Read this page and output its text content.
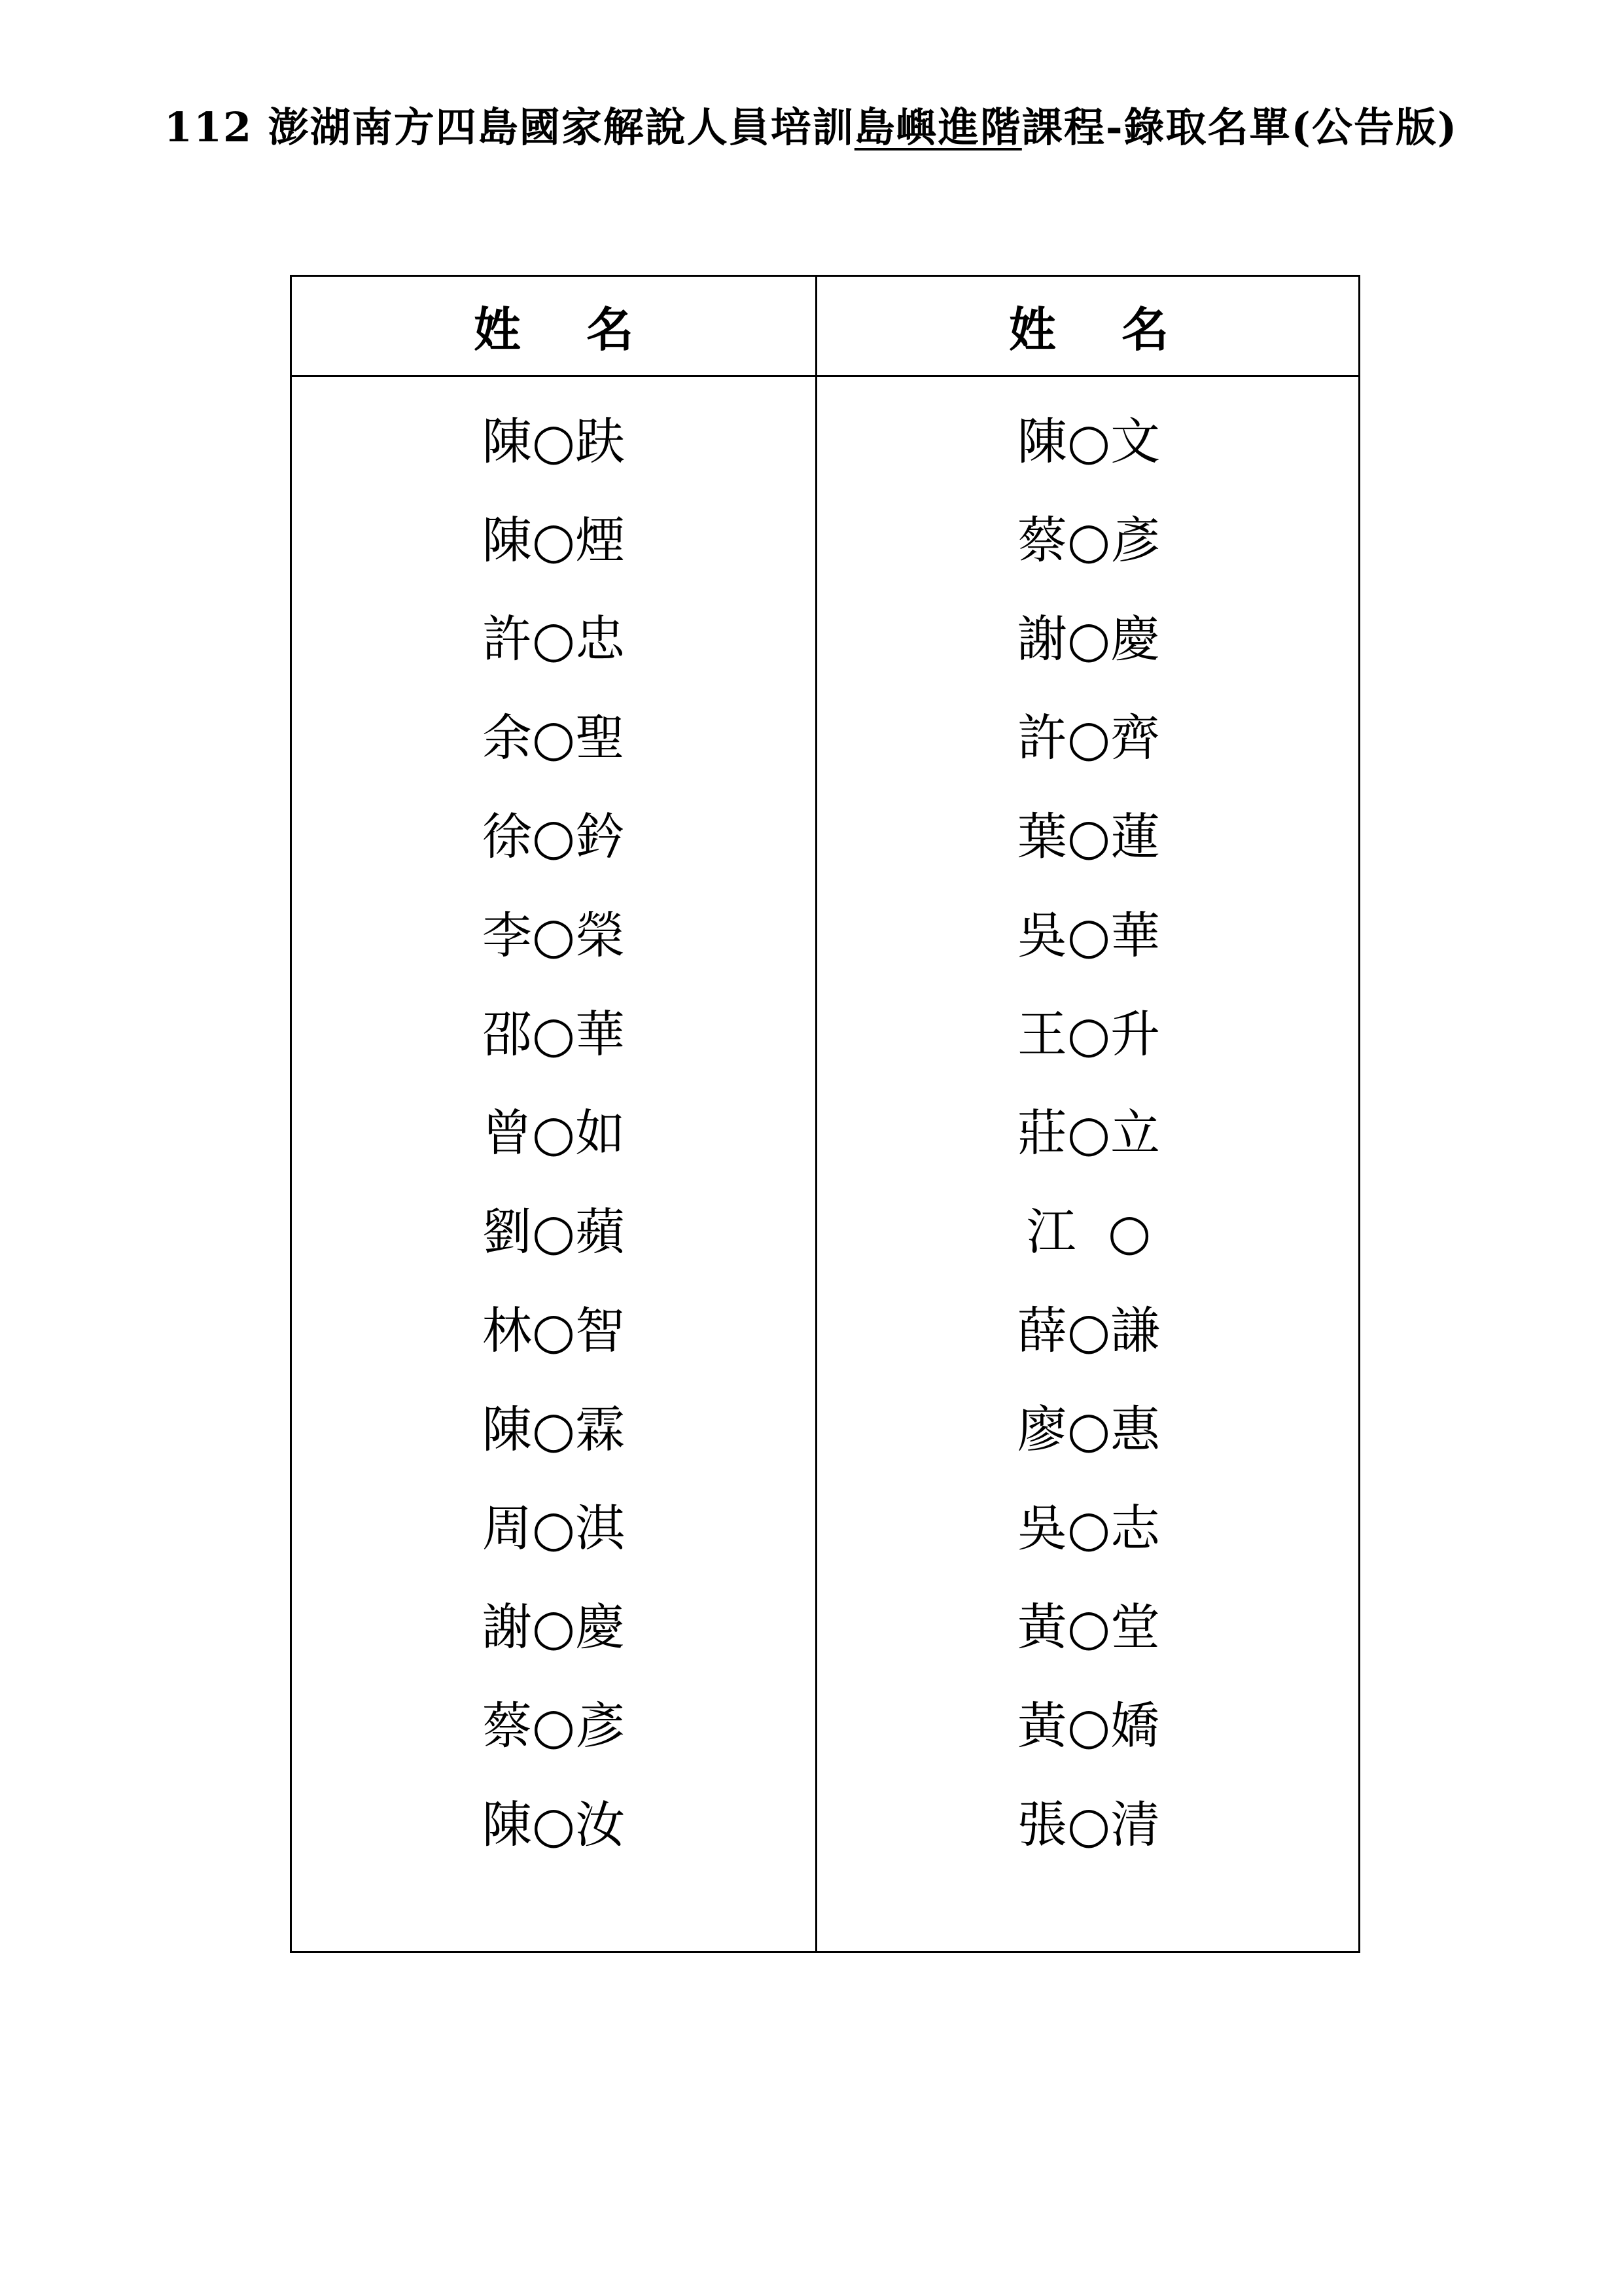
112 澎湖南方四島國家解說人員培訓島嶼進階課程-錄取名單(公告版)
姓    名
陳○趺
陳○煙
許○忠
余○聖
徐○鈐
李○榮
邵○華
曾○如
劉○蘋
林○智
陳○霖
周○淇
謝○慶
蔡○彥
陳○汝
姓    名
陳○文
蔡○彥
謝○慶
許○齊
葉○蓮
吳○華
王○升
莊○立
江  ○
薛○謙
廖○惠
吳○志
黃○堂
黃○嬌
張○清
